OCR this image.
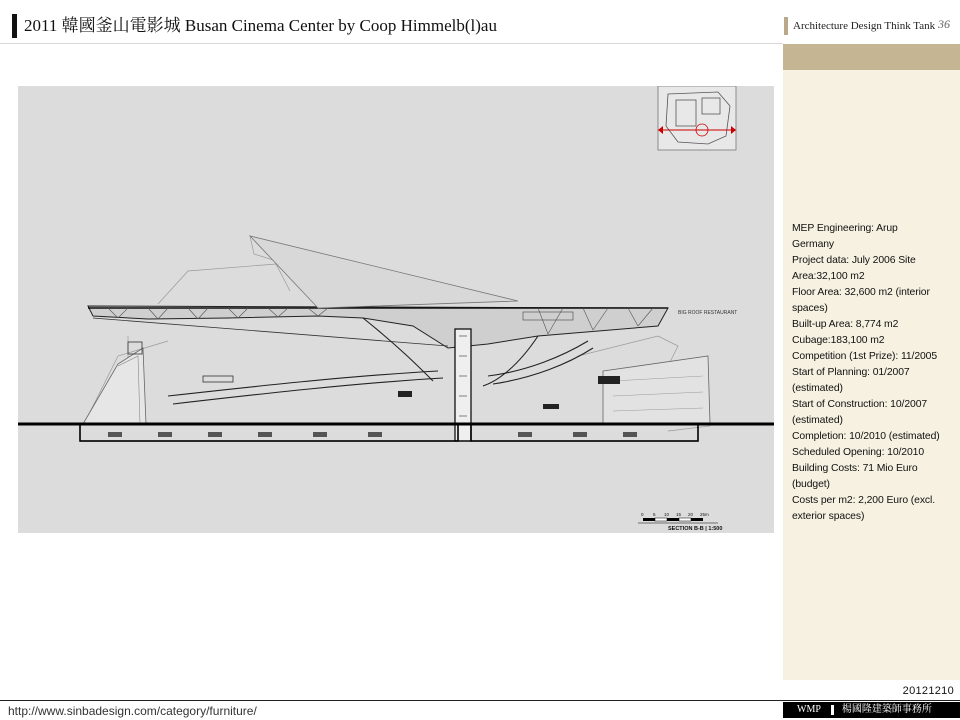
2011 韓國釜山電影城 Busan Cinema Center by Coop Himmelb(l)au	Architecture Design Think Tank 36
BIG ROOF RESTAURANT
0 5 10 15 20 25m
SECTION B-B | 1:500
MEP Engineering: Arup
Germany
Project data: July 2006 Site
Area:32,100 m2
Floor Area: 32,600 m2 (interior
spaces)
Built-up Area: 8,774 m2
Cubage:183,100 m2
Competition (1st Prize): 11/2005
Start of Planning: 01/2007
(estimated)
Start of Construction: 10/2007
(estimated)
Completion: 10/2010 (estimated)
Scheduled Opening: 10/2010
Building Costs: 71 Mio Euro
(budget)
Costs per m2: 2,200 Euro (excl.
exterior spaces)
20121210
http://www.sinbadesign.com/category/furniture/	WMP 楊國隆建築師事務所
